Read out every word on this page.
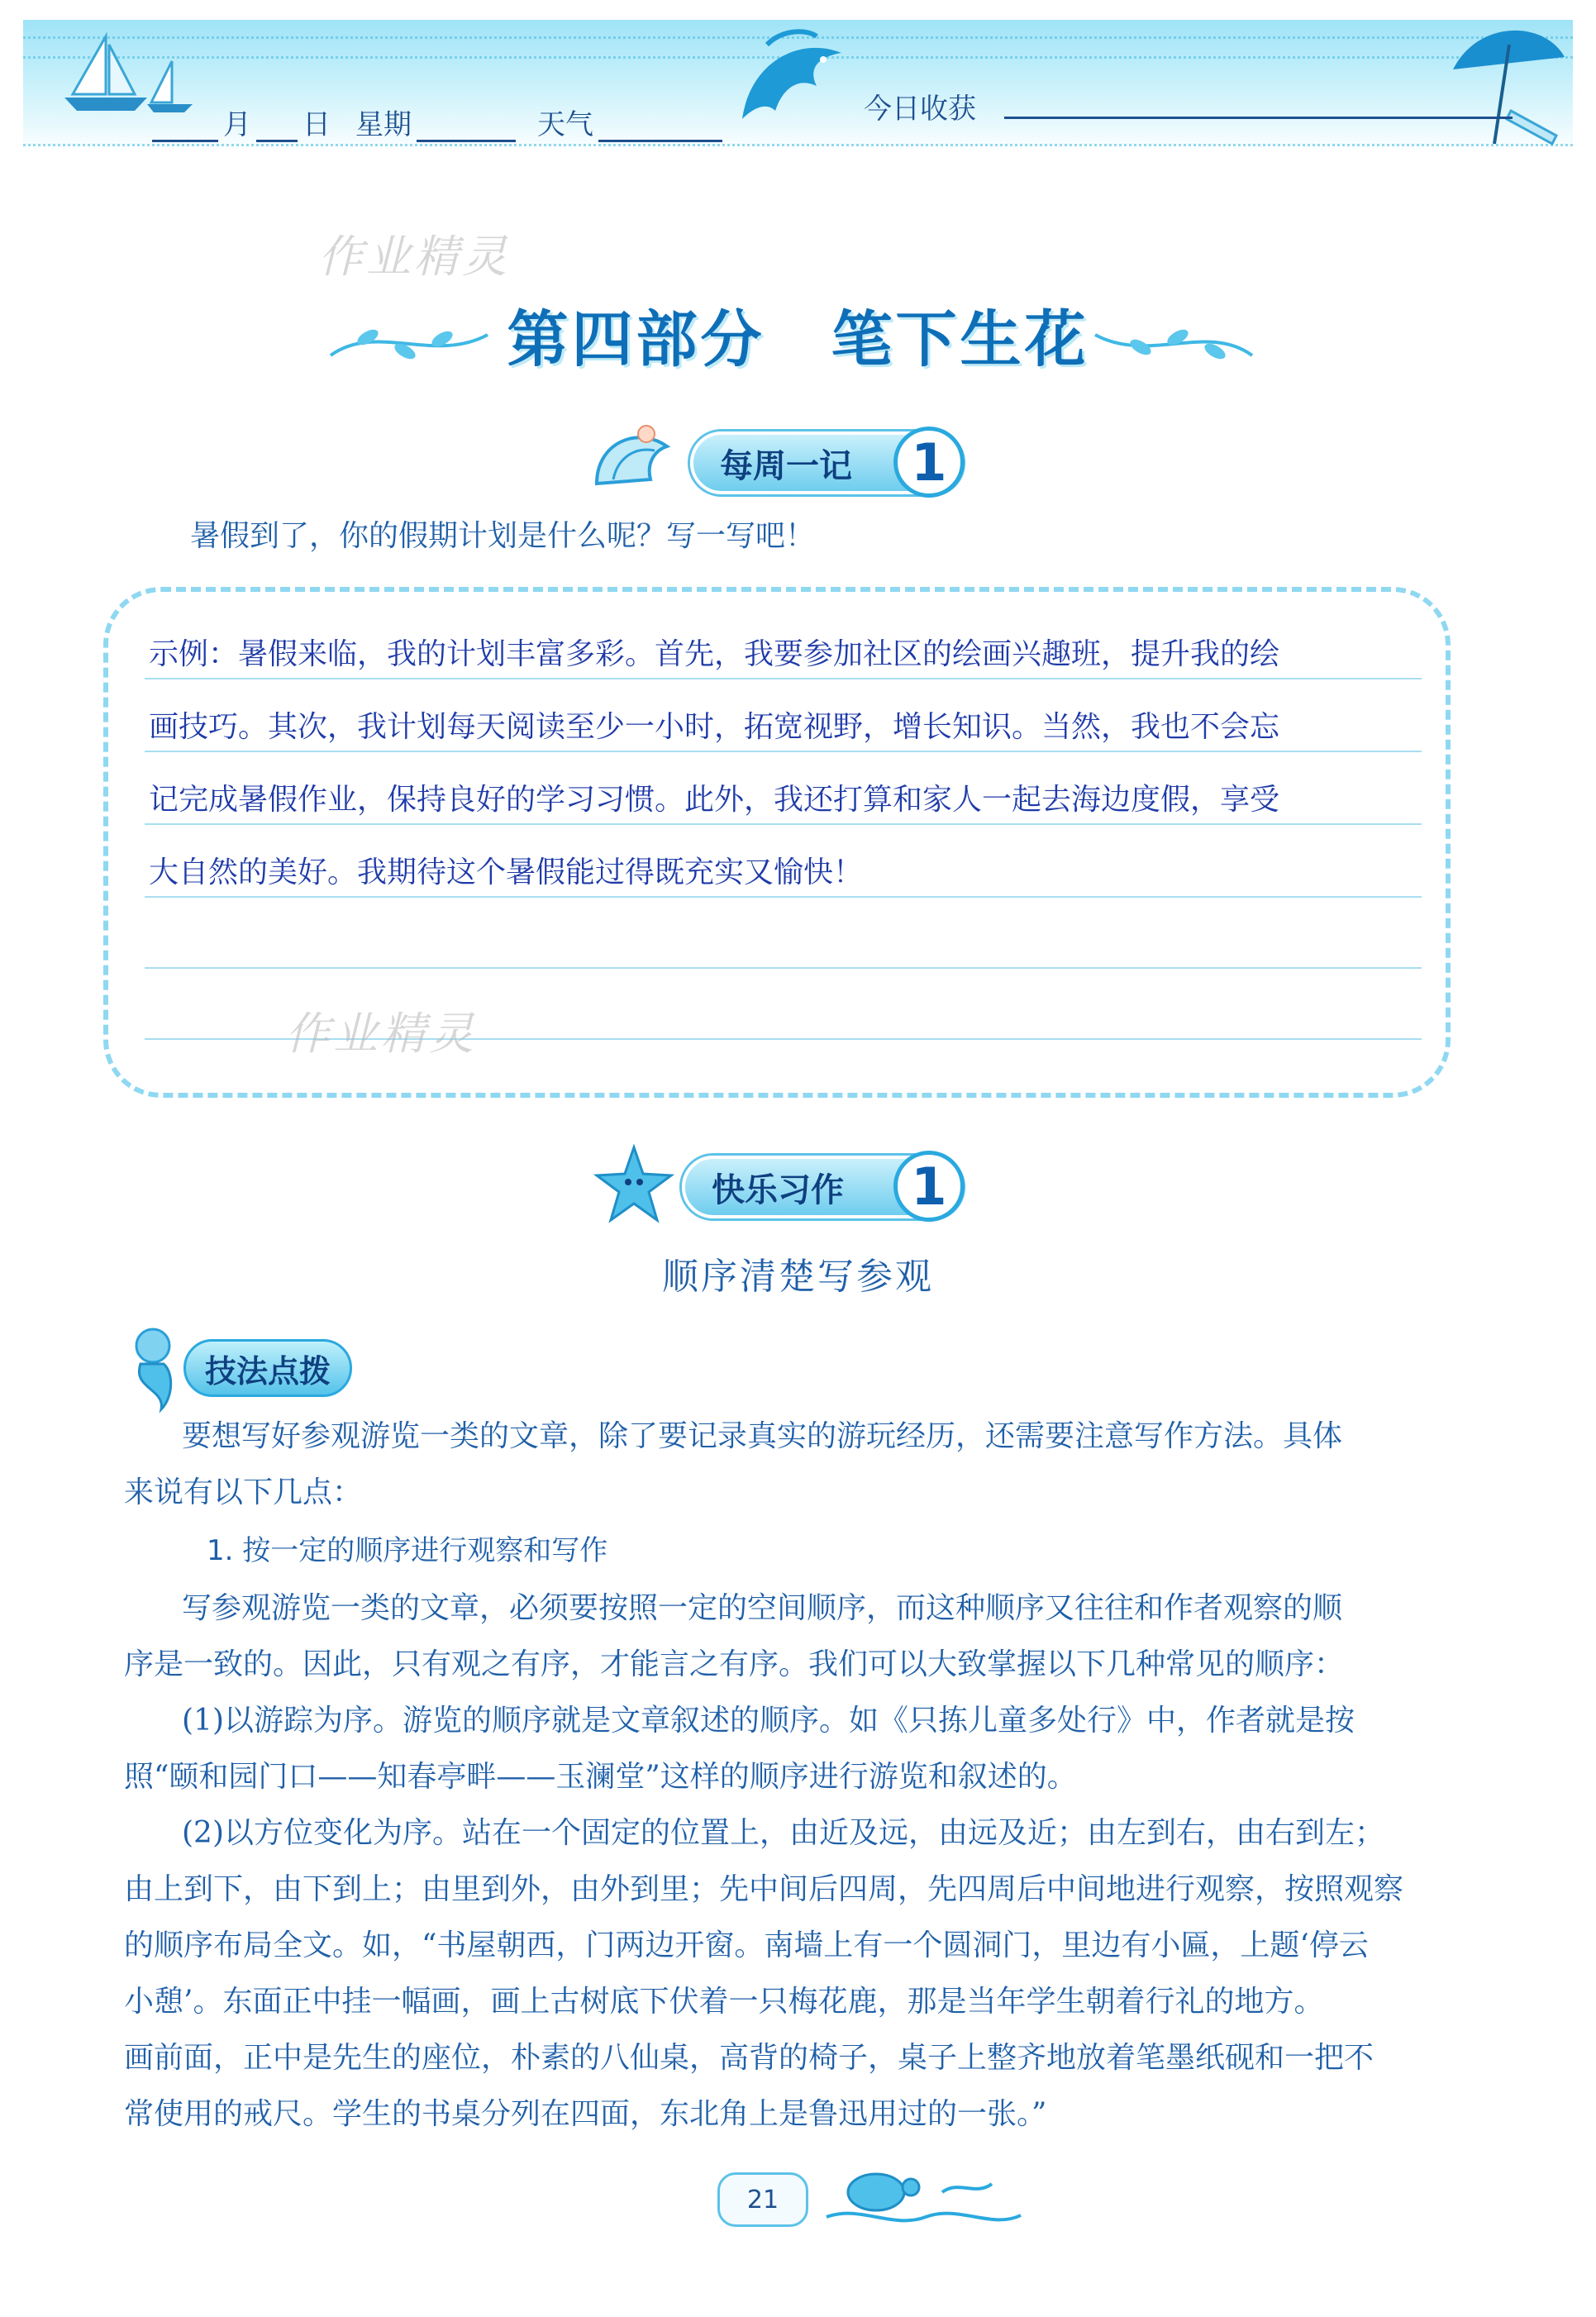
月 日 星期	天气	今日收获
作业精灵
第四部分 笔下生花
每周一记	1
暑假到了，你的假期计划是什么呢？写一写吧！
示例：暑假来临，我的计划丰富多彩。首先，我要参加社区的绘画兴趣班，提升我的绘
画技巧。其次，我计划每天阅读至少一小时，拓宽视野，增长知识。当然，我也不会忘
记完成暑假作业，保持良好的学习习惯。此外，我还打算和家人一起去海边度假，享受
大自然的美好。我期待这个暑假能过得既充实又愉快！
作业精灵
快乐习作	1
顺序清楚写参观
技法点拨
要想写好参观游览一类的文章，除了要记录真实的游玩经历，还需要注意写作方法。具体
来说有以下几点：
1. 按一定的顺序进行观察和写作
写参观游览一类的文章，必须要按照一定的空间顺序，而这种顺序又往往和作者观察的顺
序是一致的。因此，只有观之有序，才能言之有序。我们可以大致掌握以下几种常见的顺序：
(1)以游踪为序。游览的顺序就是文章叙述的顺序。如《只拣儿童多处行》中，作者就是按
照“颐和园门口——知春亭畔——玉澜堂”这样的顺序进行游览和叙述的。
(2)以方位变化为序。站在一个固定的位置上，由近及远，由远及近；由左到右，由右到左；
由上到下，由下到上；由里到外，由外到里；先中间后四周，先四周后中间地进行观察，按照观察
的顺序布局全文。如，“书屋朝西，门两边开窗。南墙上有一个圆洞门，里边有小匾，上题‘停云
小憩’。东面正中挂一幅画，画上古树底下伏着一只梅花鹿，那是当年学生朝着行礼的地方。
画前面，正中是先生的座位，朴素的八仙桌，高背的椅子，桌子上整齐地放着笔墨纸砚和一把不
常使用的戒尺。学生的书桌分列在四面，东北角上是鲁迅用过的一张。”
21
